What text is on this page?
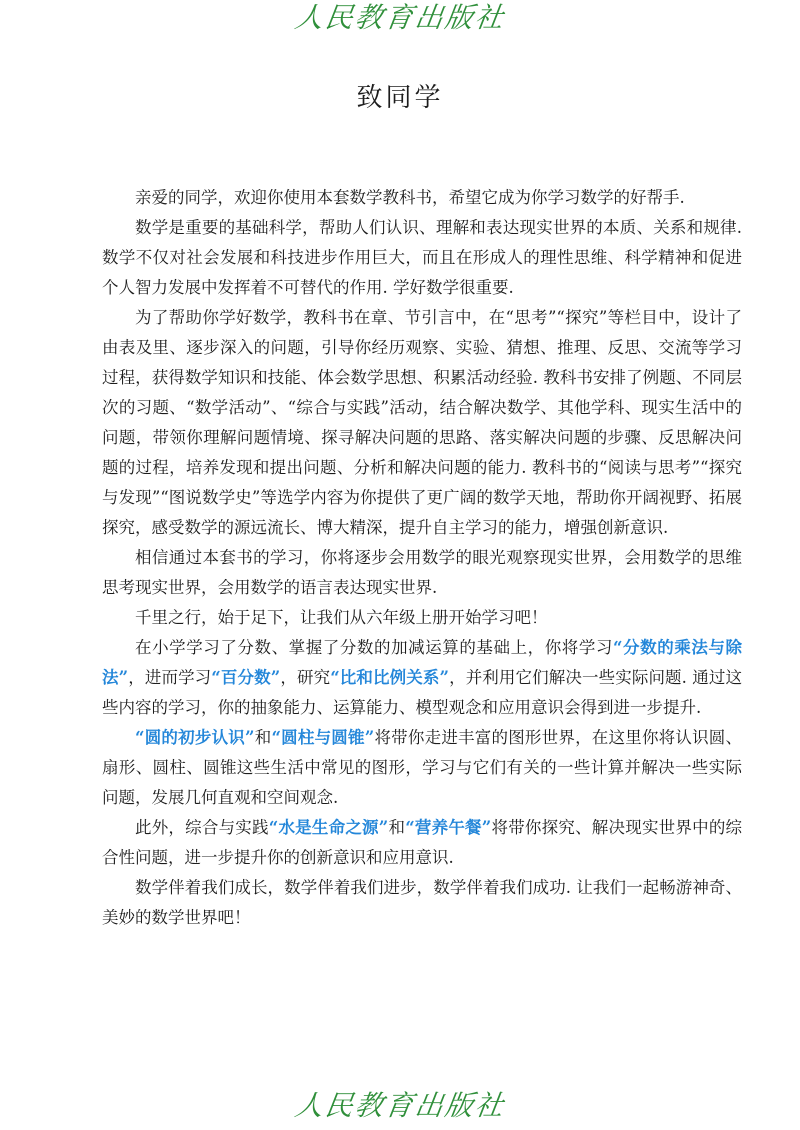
人民教育出版社
致同学

亲爱的同学，欢迎你使用本套数学教科书，希望它成为你学习数学的好帮手.

数学是重要的基础科学，帮助人们认识、理解和表达现实世界的本质、关系和规律. 数学不仅对社会发展和科技进步作用巨大，而且在形成人的理性思维、科学精神和促进个人智力发展中发挥着不可替代的作用. 学好数学很重要.

为了帮助你学好数学，教科书在章、节引言中，在“思考”“探究”等栏目中，设计了由表及里、逐步深入的问题，引导你经历观察、实验、猜想、推理、反思、交流等学习过程，获得数学知识和技能、体会数学思想、积累活动经验. 教科书安排了例题、不同层次的习题、“数学活动”、“综合与实践”活动，结合解决数学、其他学科、现实生活中的问题，带领你理解问题情境、探寻解决问题的思路、落实解决问题的步骤、反思解决问题的过程，培养发现和提出问题、分析和解决问题的能力. 教科书的“阅读与思考”“探究与发现”“图说数学史”等选学内容为你提供了更广阔的数学天地，帮助你开阔视野、拓展探究，感受数学的源远流长、博大精深，提升自主学习的能力，增强创新意识.

相信通过本套书的学习，你将逐步会用数学的眼光观察现实世界，会用数学的思维思考现实世界，会用数学的语言表达现实世界.

千里之行，始于足下，让我们从六年级上册开始学习吧！

在小学学习了分数、掌握了分数的加减运算的基础上，你将学习“分数的乘法与除法”，进而学习“百分数”，研究“比和比例关系”，并利用它们解决一些实际问题. 通过这些内容的学习，你的抽象能力、运算能力、模型观念和应用意识会得到进一步提升.

“圆的初步认识”和“圆柱与圆锥”将带你走进丰富的图形世界，在这里你将认识圆、扇形、圆柱、圆锥这些生活中常见的图形，学习与它们有关的一些计算并解决一些实际问题，发展几何直观和空间观念.

此外，综合与实践“水是生命之源”和“营养午餐”将带你探究、解决现实世界中的综合性问题，进一步提升你的创新意识和应用意识.

数学伴着我们成长，数学伴着我们进步，数学伴着我们成功. 让我们一起畅游神奇、美妙的数学世界吧！

人民教育出版社
